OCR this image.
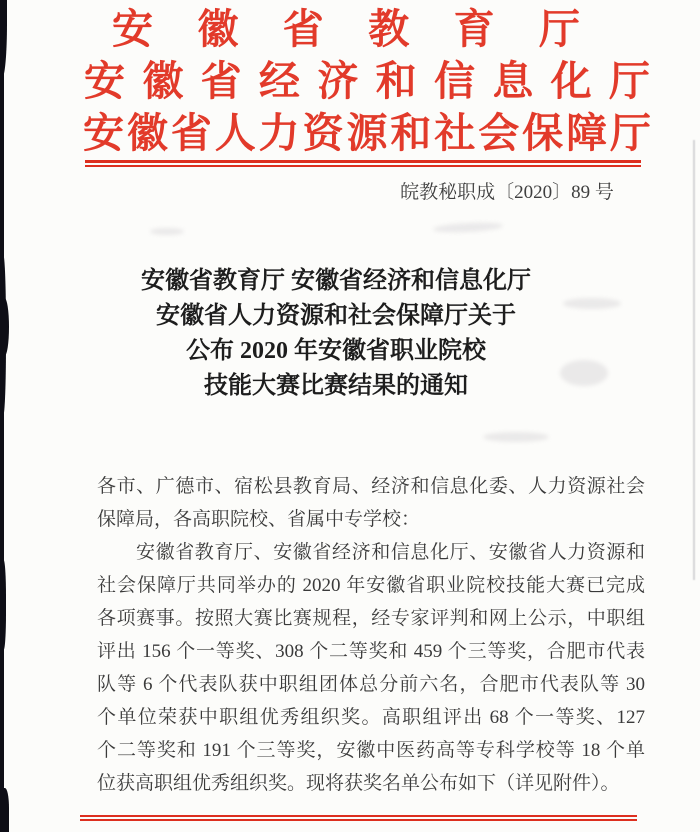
安徽省教育厅
安徽省经济和信息化厅
安徽省人力资源和社会保障厅
皖教秘职成〔2020〕89 号
安徽省教育厅 安徽省经济和信息化厅
安徽省人力资源和社会保障厅关于
公布 2020 年安徽省职业院校
技能大赛比赛结果的通知
各市、广德市、宿松县教育局、经济和信息化委、人力资源社会
保障局，各高职院校、省属中专学校：
安徽省教育厅、安徽省经济和信息化厅、安徽省人力资源和
社会保障厅共同举办的 2020 年安徽省职业院校技能大赛已完成
各项赛事。按照大赛比赛规程，经专家评判和网上公示，中职组
评出 156 个一等奖、308 个二等奖和 459 个三等奖，合肥市代表
队等 6 个代表队获中职组团体总分前六名，合肥市代表队等 30
个单位荣获中职组优秀组织奖。高职组评出 68 个一等奖、127
个二等奖和 191 个三等奖，安徽中医药高等专科学校等 18 个单
位获高职组优秀组织奖。现将获奖名单公布如下（详见附件）。
